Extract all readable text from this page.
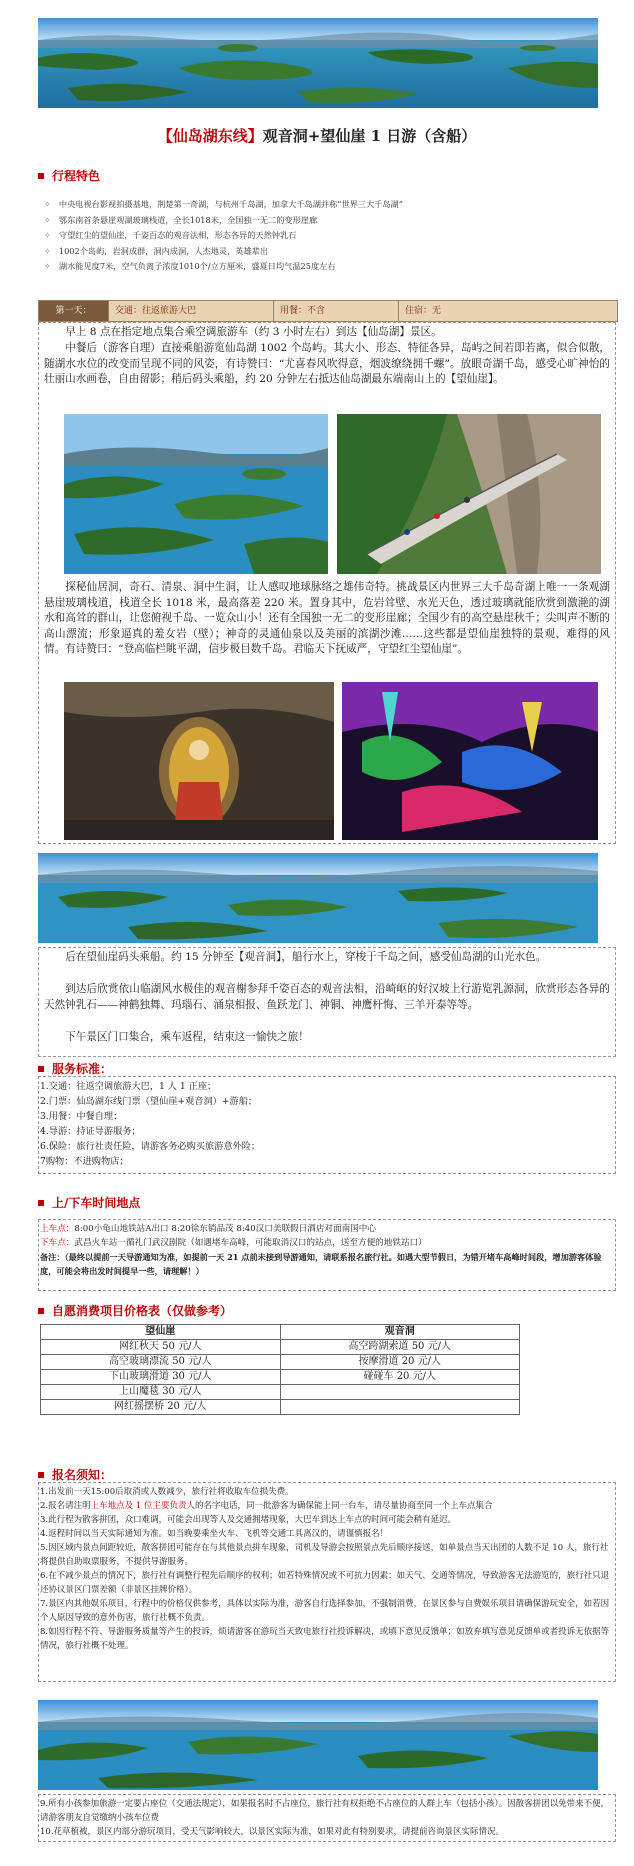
【仙岛湖东线】观音洞+望仙崖 1 日游（含船）
行程特色
✧ 中央电视台影视拍摄基地，荆楚第一奇湖，与杭州千岛湖，加拿大千岛湖并称“世界三大千岛湖”
✧ 鄂东南首条悬崖观湖玻璃栈道，全长1018米，全国独一无二的变形崖廊
✧ 守望红尘的望仙崖，千姿百态的观音法相，形态各异的天然钟乳石
✧ 1002个岛屿，岩洞成群，洞内成洞，人杰地灵，英雄辈出
✧ 湖水能见度7米，空气负离子浓度1010个/立方厘米，盛夏日均气温25度左右
第一天：	交通：往返旅游大巴	用餐：不含	住宿：无
早上 8 点在指定地点集合乘空调旅游车（约 3 小时左右）到达【仙岛湖】景区。
中餐后（游客自理）直接乘船游览仙岛湖 1002 个岛屿。其大小、形态、特征各异，岛屿之间若即若离，似合似散，随湖水水位的改变而呈现不同的风姿，有诗赞曰：“尤喜春风吹得意，烟波缭绕拥千螺”。放眼奇湖千岛，感受心旷神怡的壮丽山水画卷，自由留影；稍后码头乘船，约 20 分钟左右抵达仙岛湖最东端南山上的【望仙崖】。
探秘仙居洞，奇石、清泉、洞中生洞，让人感叹地球脉络之雄伟奇特。挑战景区内世界三大千岛奇湖上唯一一条观湖悬崖玻璃栈道，栈道全长 1018 米，最高落差 220 米。置身其中，危岩耸壁、水光天色，透过玻璃就能欣赏到激滟的湖水和高耸的群山，让您俯视千岛、一览众山小！还有全国独一无二的变形崖廊；全国少有的高空悬崖秋千；尖叫声不断的高山漂流；形象逼真的羞女岩（壁）；神奇的灵通仙泉以及美丽的滨湖沙滩……这些都是望仙崖独特的景观、难得的风情。有诗赞曰：“登高临栏眺平湖，信步极目数千岛。君临天下抚威严，守望红尘望仙崖”。
后在望仙崖码头乘船。约 15 分钟至【观音洞】，船行水上，穿梭于千岛之间，感受仙岛湖的山光水色。
到达后欣赏依山临湖风水极佳的观音榭参拜千姿百态的观音法相，沿崎岖的好汉坡上行游览乳源洞，欣赏形态各异的天然钟乳石——神鹤独舞、玛瑙石、涌泉相报、鱼跃龙门、神铜、神鹰杆悔、三羊开泰等等。
下午景区门口集合，乘车返程，结束这一愉快之旅！
服务标准：
1.交通：往返空调旅游大巴，1 人 1 正座；
2.门票：仙岛湖东线门票（望仙崖+观音洞）+游船；
3.用餐：中餐自理；
4.导游：持证导游服务；
6.保险：旅行社责任险，请游客务必购买旅游意外险；
7购物：不进购物店；
上/下车时间地点
上车点：8:00小龟山地铁站A出口 8:20徐东销品茂 8:40汉口美联假日酒店对面南国中心
下车点：武昌火车站一循礼门武汉剧院（如遇堵车高峰，可能取消汉口的站点，送至方便的地铁站口）
备注：（最终以提前一天导游通知为准，如提前一天 21 点前未接到导游通知，请联系报名旅行社。如遇大型节假日，为错开堵车高峰时间段，增加游客体验度，可能会将出发时间提早一些，请理解！）
自愿消费项目价格表（仅做参考）
望仙崖	观音洞
网红秋天 50 元/人	高空跨湖索道 50 元/人
高空玻璃漂流 50 元/人	按摩滑道 20 元/人
下山玻璃滑道 30 元/人	碰碰车 20 元/人
上山魔毯 30 元/人	
网红摇摆桥 20 元/人	
报名须知：
1.出发前一天15:00后取消或人数减少，旅行社将收取车位损失费。
2.报名请注明上车地点及 1 位主要负责人的名字电话，同一批游客为确保能上同一台车，请尽量协商至同一个上车点集合
3.此行程为散客拼团，众口难调，可能会出现等人及交通拥堵现象，大巴车到达上车点的时间可能会稍有延迟。
4.返程时间以当天实际通知为准。如当晚要乘坐火车、飞机等交通工具离汉的，请谨慎报名！
5.因区域内景点间距较近，散客拼团可能存在与其他景点拼车现象，司机及导游会按照景点先后顺序接送，如单景点当天出团的人数不足 10 人，旅行社将提供自助取票服务，不提供导游服务。
6.在不减少景点的情况下，旅行社有调整行程先后顺序的权利；如若特殊情况或不可抗力因素：如天气、交通等情况，导致游客无法游览的，旅行社只退还协议景区门票差额（非景区挂牌价格）。
7.景区内其他娱乐项目，行程中的价格仅供参考，具体以实际为准，游客自行选择参加，不强制消费，在景区参与自费娱乐项目请确保游玩安全，如若因个人原因导致的意外伤害，旅行社概不负责。
8.如因行程不符、导游服务质量等产生的投诉，烦请游客在游玩当天致电旅行社投诉解决，或填下意见反馈单；如放弃填写意见反馈单或者投诉无依据等情况，旅行社概不处理。
9.所有小孩参加旅游一定要占座位（交通法规定），如果报名时不占座位，旅行社有权拒绝不占座位的人群上车（包括小孩）。因散客拼团以免带来不便，请游客朋友自觉缴纳小孩车位费
10.花草植被，景区内部分游玩项目，受天气影响较大，以景区实际为准，如果对此有特别要求，请提前咨询景区实际情况。
